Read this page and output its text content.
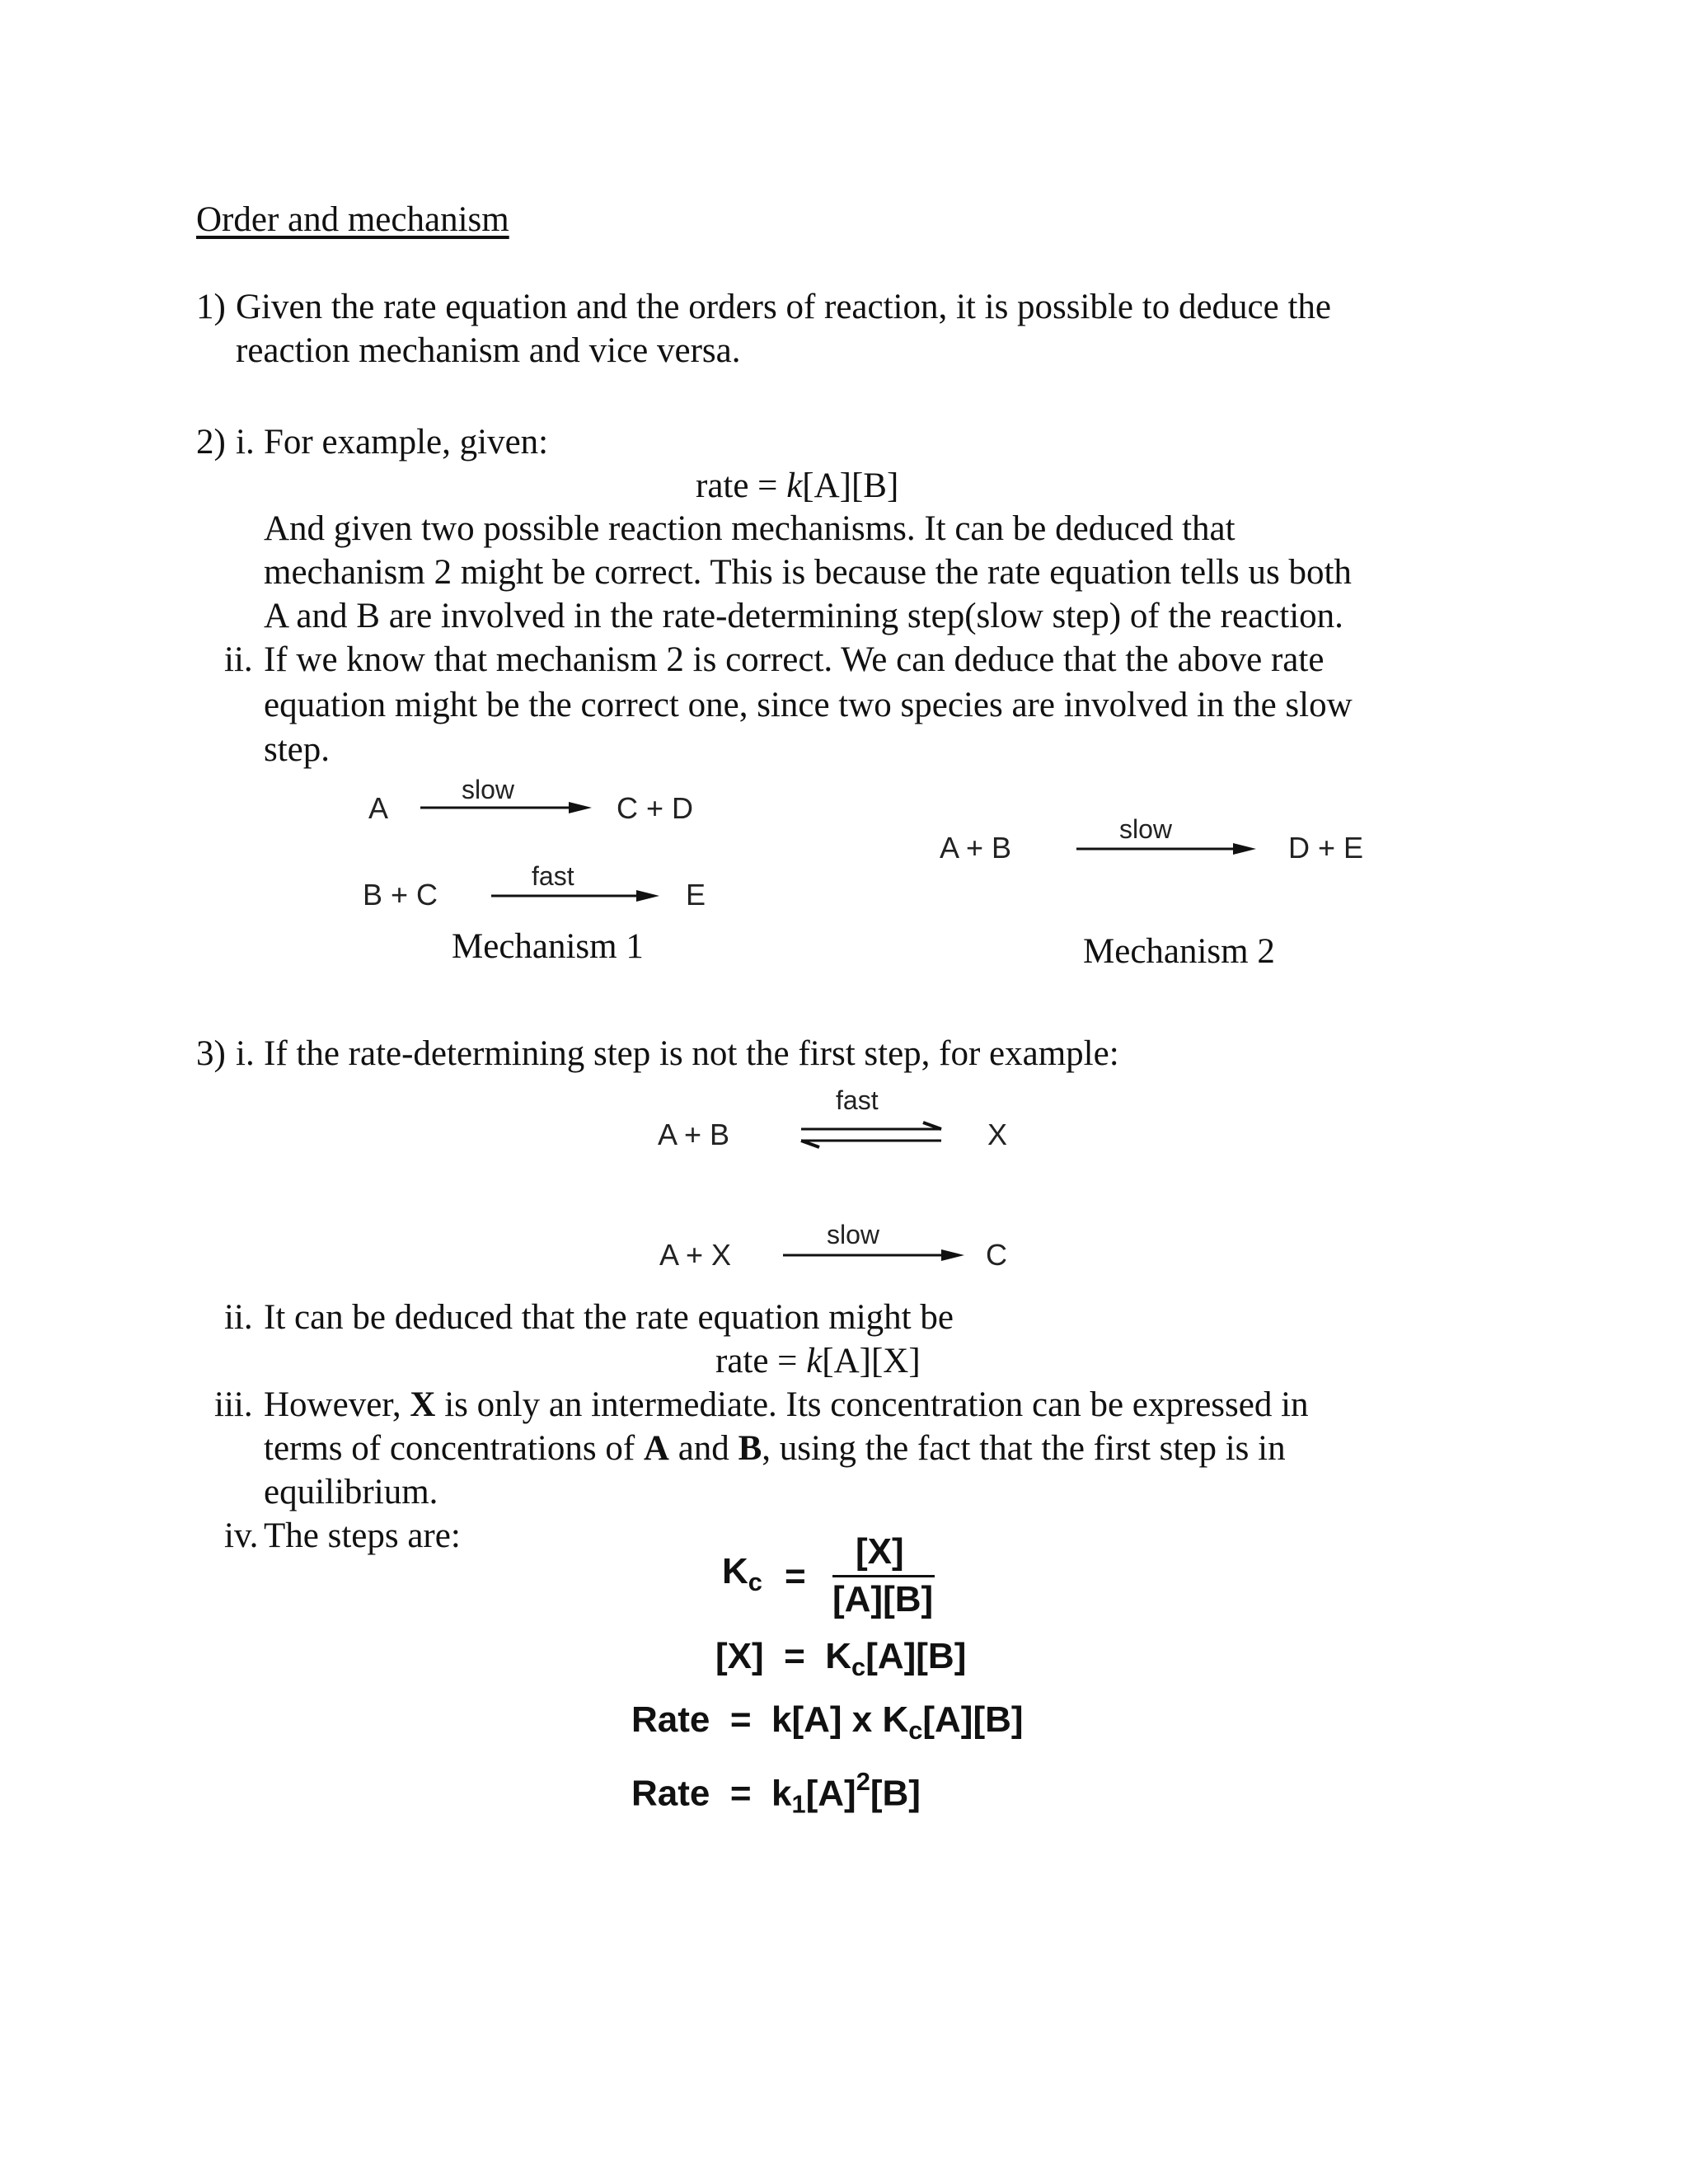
Order and mechanism
1) Given the rate equation and the orders of reaction, it is possible to deduce the
reaction mechanism and vice versa.
2) i. For example, given:
rate = k[A][B]
And given two possible reaction mechanisms. It can be deduced that
mechanism 2 might be correct. This is because the rate equation tells us both
A and B are involved in the rate-determining step(slow step) of the reaction.
ii. If we know that mechanism 2 is correct. We can deduce that the above rate
equation might be the correct one, since two species are involved in the slow
step.
A
slow
C + D
B + C
fast
E
Mechanism 1
A + B
slow
D + E
Mechanism 2
3) i. If the rate-determining step is not the first step, for example:
A + B
fast
X
A + X
slow
C
ii. It can be deduced that the rate equation might be
rate = k[A][X]
iii. However, X is only an intermediate. Its concentration can be expressed in
terms of concentrations of A and B, using the fact that the first step is in
equilibrium.
iv. The steps are:
$K_c$ =
[X]
[A][B]
$[X] = K_c[A][B]$
Rate = k[A] x $K_c[A][B]$
Rate = $k_1[A]^2[B]$
